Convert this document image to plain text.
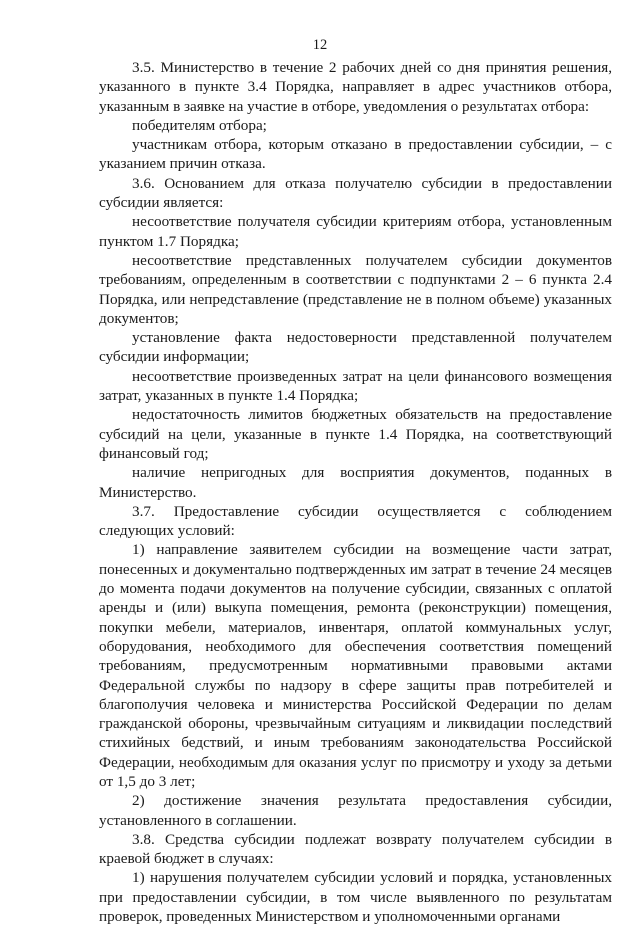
12

3.5. Министерство в течение 2 рабочих дней со дня принятия решения, указанного в пункте 3.4 Порядка, направляет в адрес участников отбора, указанным в заявке на участие в отборе, уведомления о результатах отбора:

победителям отбора;

участникам отбора, которым отказано в предоставлении субсидии, – с указанием причин отказа.

3.6. Основанием для отказа получателю субсидии в предоставлении субсидии является:

несоответствие получателя субсидии критериям отбора, установленным пунктом 1.7 Порядка;

несоответствие представленных получателем субсидии документов требованиям, определенным в соответствии с подпунктами 2 – 6 пункта 2.4 Порядка, или непредставление (представление не в полном объеме) указанных документов;

установление факта недостоверности представленной получателем субсидии информации;

несоответствие произведенных затрат на цели финансового возмещения затрат, указанных в пункте 1.4 Порядка;

недостаточность лимитов бюджетных обязательств на предоставление субсидий на цели, указанные в пункте 1.4 Порядка, на соответствующий финансовый год;

наличие непригодных для восприятия документов, поданных в Министерство.

3.7. Предоставление субсидии осуществляется с соблюдением следующих условий:

1) направление заявителем субсидии на возмещение части затрат, понесенных и документально подтвержденных им затрат в течение 24 месяцев до момента подачи документов на получение субсидии, связанных с оплатой аренды и (или) выкупа помещения, ремонта (реконструкции) помещения, покупки мебели, материалов, инвентаря, оплатой коммунальных услуг, оборудования, необходимого для обеспечения соответствия помещений требованиям, предусмотренным нормативными правовыми актами Федеральной службы по надзору в сфере защиты прав потребителей и благополучия человека и министерства Российской Федерации по делам гражданской обороны, чрезвычайным ситуациям и ликвидации последствий стихийных бедствий, и иным требованиям законодательства Российской Федерации, необходимым для оказания услуг по присмотру и уходу за детьми от 1,5 до 3 лет;

2) достижение значения результата предоставления субсидии, установленного в соглашении.

3.8. Средства субсидии подлежат возврату получателем субсидии в краевой бюджет в случаях:

1) нарушения получателем субсидии условий и порядка, установленных при предоставлении субсидии, в том числе выявленного по результатам проверок, проведенных Министерством и уполномоченными органами
